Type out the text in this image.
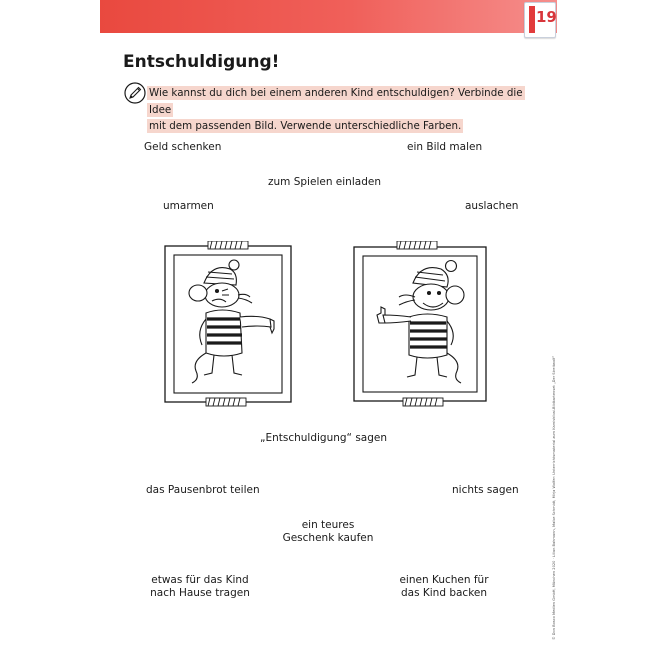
19
Entschuldigung!
Wie kannst du dich bei einem anderen Kind entschuldigen? Verbinde die Idee
mit dem passenden Bild. Verwende unterschiedliche Farben.
Geld schenken	ein Bild malen
zum Spielen einladen
umarmen	auslachen
„Entschuldigung“ sagen
das Pausenbrot teilen	nichts sagen
ein teures
Geschenk kaufen
etwas für das Kind
nach Hause tragen
einen Kuchen für
das Kind backen	© Don Bosco Medien GmbH, München 2020 · Lilian Bahmann, Maike Schmidt, Mirja Wolfer: Unterrichtsmaterial zum Kamishibai-Bildkartenset „Der Streitwolf“
